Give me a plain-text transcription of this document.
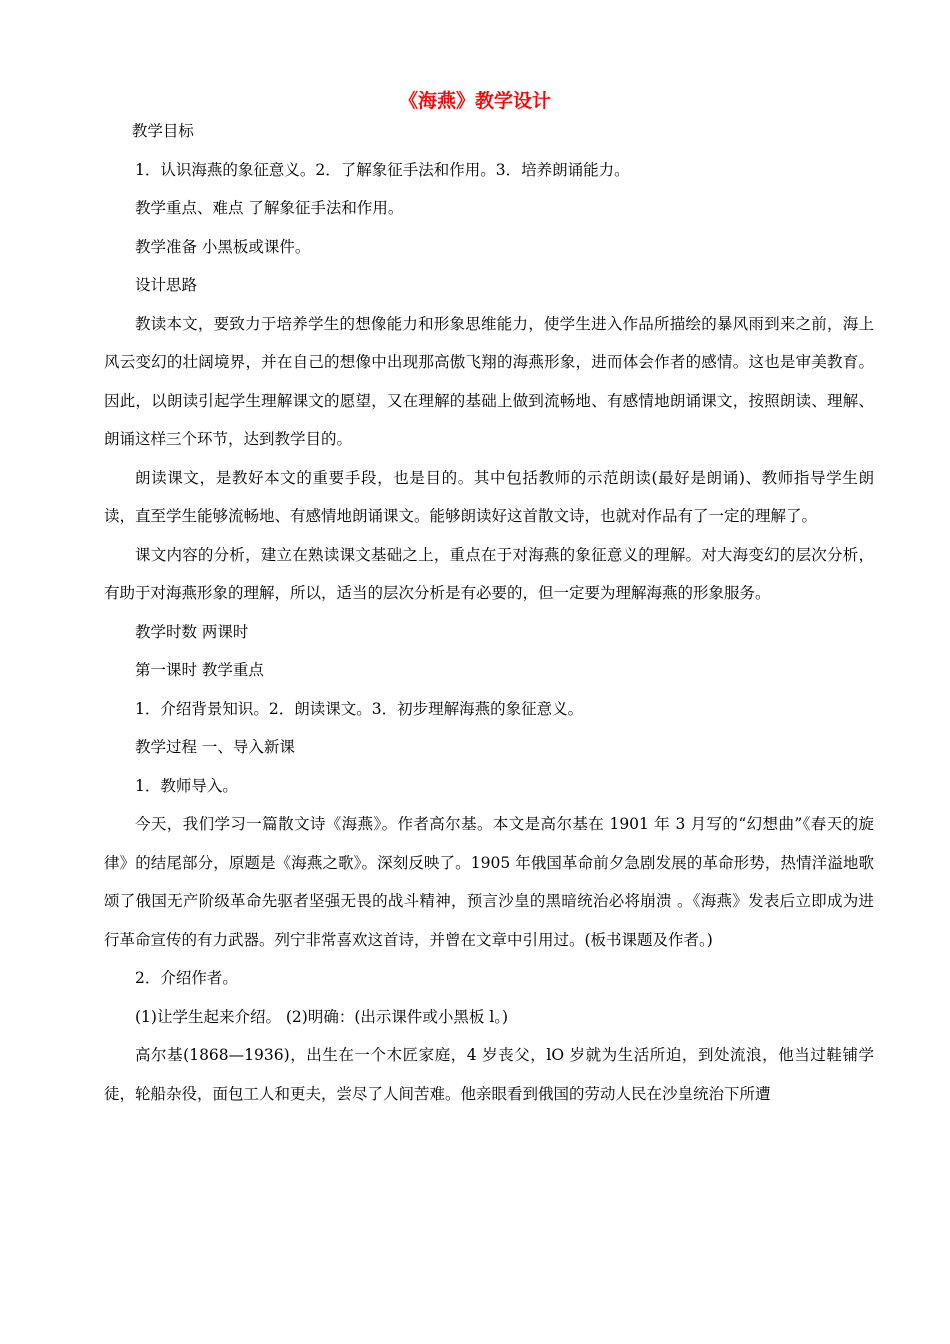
《海燕》教学设计

教学目标

1．认识海燕的象征意义。2．了解象征手法和作用。3．培养朗诵能力。

教学重点、难点 了解象征手法和作用。

教学准备 小黑板或课件。

设计思路

教读本文，要致力于培养学生的想像能力和形象思维能力，使学生进入作品所描绘的暴风雨到来之前，海上风云变幻的壮阔境界，并在自己的想像中出现那高傲飞翔的海燕形象，进而体会作者的感情。这也是审美教育。因此，以朗读引起学生理解课文的愿望，又在理解的基础上做到流畅地、有感情地朗诵课文，按照朗读、理解、朗诵这样三个环节，达到教学目的。

朗读课文，是教好本文的重要手段，也是目的。其中包括教师的示范朗读(最好是朗诵)、教师指导学生朗读，直至学生能够流畅地、有感情地朗诵课文。能够朗读好这首散文诗，也就对作品有了一定的理解了。

课文内容的分析，建立在熟读课文基础之上，重点在于对海燕的象征意义的理解。对大海变幻的层次分析，有助于对海燕形象的理解，所以，适当的层次分析是有必要的，但一定要为理解海燕的形象服务。

教学时数 两课时

第一课时 教学重点

1．介绍背景知识。2．朗读课文。3．初步理解海燕的象征意义。

教学过程 一、导入新课

1．教师导入。

今天，我们学习一篇散文诗《海燕》。作者高尔基。本文是高尔基在 1901 年 3 月写的“幻想曲”《春天的旋律》的结尾部分，原题是《海燕之歌》。深刻反映了。1905 年俄国革命前夕急剧发展的革命形势，热情洋溢地歌颂了俄国无产阶级革命先驱者坚强无畏的战斗精神，预言沙皇的黑暗统治必将崩溃 。《海燕》发表后立即成为进行革命宣传的有力武器。列宁非常喜欢这首诗，并曾在文章中引用过。(板书课题及作者。)

2．介绍作者。

(1)让学生起来介绍。 (2)明确：(出示课件或小黑板 l。)

高尔基(1868—1936)，出生在一个木匠家庭，4 岁丧父，lO 岁就为生活所迫，到处流浪，他当过鞋铺学徒，轮船杂役，面包工人和更夫，尝尽了人间苦难。他亲眼看到俄国的劳动人民在沙皇统治下所遭
